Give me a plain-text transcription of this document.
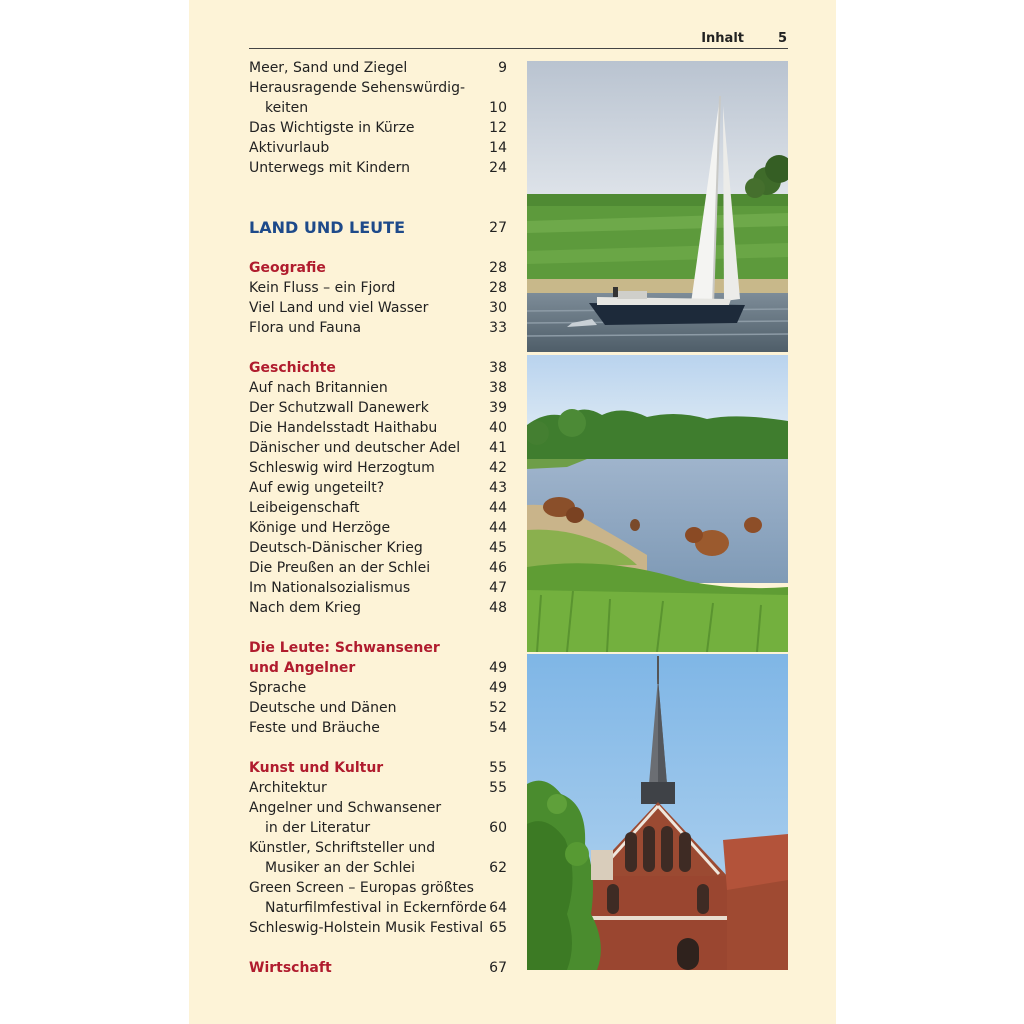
Inhalt	5
Meer, Sand und Ziegel	9
Herausragende Sehenswürdig-
keiten	10
Das Wichtigste in Kürze	12
Aktivurlaub	14
Unterwegs mit Kindern	24
LAND UND LEUTE	27
Geografie	28
Kein Fluss – ein Fjord	28
Viel Land und viel Wasser	30
Flora und Fauna	33
Geschichte	38
Auf nach Britannien	38
Der Schutzwall Danewerk	39
Die Handelsstadt Haithabu	40
Dänischer und deutscher Adel 41
Schleswig wird Herzogtum	42
Auf ewig ungeteilt?	43
Leibeigenschaft	44
Könige und Herzöge	44
Deutsch-Dänischer Krieg	45
Die Preußen an der Schlei	46
Im Nationalsozialismus	47
Nach dem Krieg	48
Die Leute: Schwansener
und Angelner	49
Sprache	49
Deutsche und Dänen	52
Feste und Bräuche	54
Kunst und Kultur	55
Architektur	55
Angelner und Schwansener
in der Literatur	60
Künstler, Schriftsteller und
Musiker an der Schlei	62
Green Screen – Europas größtes
Naturfilmfestival in Eckernförde 64
Schleswig-Holstein Musik Festival 65
Wirtschaft	67
